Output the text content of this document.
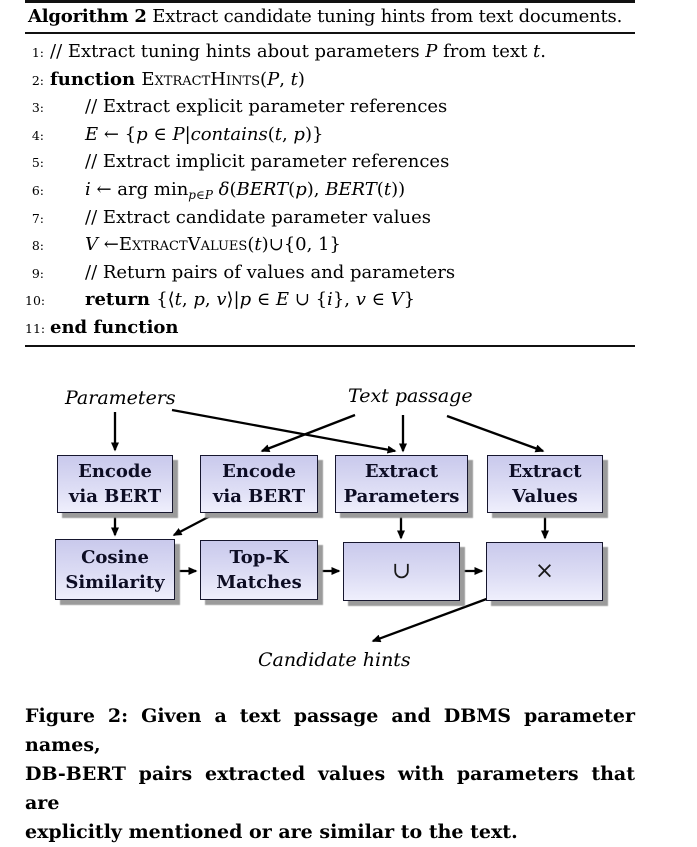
Algorithm 2 Extract candidate tuning hints from text documents.
1: // Extract tuning hints about parameters P from text t.
2: function ExtractHints(P, t)
3:	// Extract explicit parameter references
4:	E ← {p ∈ P|contains(t, p)}
5:	// Extract implicit parameter references
6:	i ← arg $\min_{p\in P}$ δ(BERT(p), BERT(t))
7:	// Extract candidate parameter values
8:	V ←ExtractValues(t)∪{0, 1}
9:	// Return pairs of values and parameters
10:	return {⟨t, p, v⟩|p ∈ E ∪ {i}, v ∈ V}
11: end function
Parameters	Text passage
Candidate hints
Encode
via BERT
Encode
via BERT
Extract
Parameters
Extract
Values
Cosine
Similarity
Top-K
Matches	∪	×
Figure 2: Given a text passage and DBMS parameter names,
DB-BERT pairs extracted values with parameters that are
explicitly mentioned or are similar to the text.
